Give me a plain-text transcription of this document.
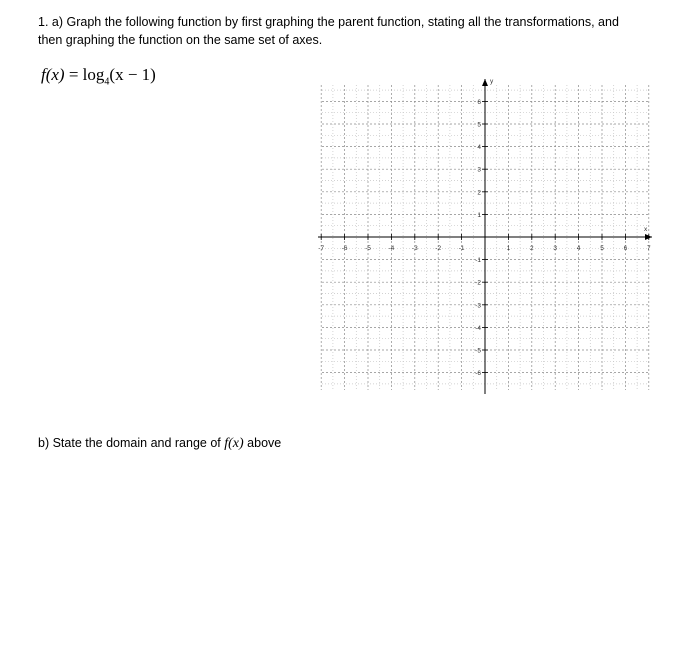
1. a) Graph the following function by first graphing the parent function, stating all the transformations, and then graphing the function on the same set of axes.
$f(x) = \log_4(x - 1)$
x
y
-7	-6	-5	-4	-3	-2	-1	1	2	3	4	5	6	7
6
5
4
3
2
1
-1
-2
-3
-4
-5
-6
b) State the domain and range of f(x) above
